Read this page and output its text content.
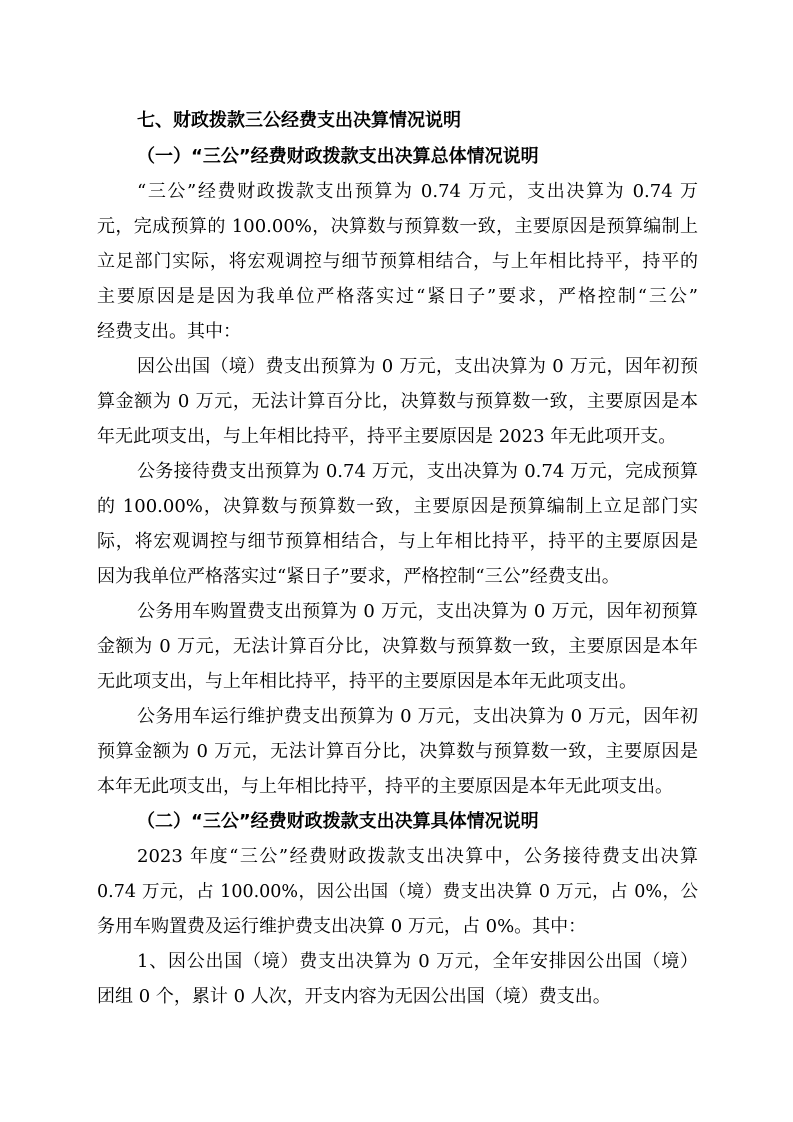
七、财政拨款三公经费支出决算情况说明

（一）“三公”经费财政拨款支出决算总体情况说明

“三公”经费财政拨款支出预算为 0.74 万元，支出决算为 0.74 万

元，完成预算的 100.00%，决算数与预算数一致，主要原因是预算编制上

立足部门实际，将宏观调控与细节预算相结合，与上年相比持平，持平的

主要原因是是因为我单位严格落实过“紧日子”要求，严格控制“三公”

经费支出。其中：

因公出国（境）费支出预算为 0 万元，支出决算为 0 万元，因年初预

算金额为 0 万元，无法计算百分比，决算数与预算数一致，主要原因是本

年无此项支出，与上年相比持平，持平主要原因是 2023 年无此项开支。

公务接待费支出预算为 0.74 万元，支出决算为 0.74 万元，完成预算

的 100.00%，决算数与预算数一致，主要原因是预算编制上立足部门实

际，将宏观调控与细节预算相结合，与上年相比持平，持平的主要原因是

因为我单位严格落实过“紧日子”要求，严格控制“三公”经费支出。

公务用车购置费支出预算为 0 万元，支出决算为 0 万元，因年初预算

金额为 0 万元，无法计算百分比，决算数与预算数一致，主要原因是本年

无此项支出，与上年相比持平，持平的主要原因是本年无此项支出。

公务用车运行维护费支出预算为 0 万元，支出决算为 0 万元，因年初

预算金额为 0 万元，无法计算百分比，决算数与预算数一致，主要原因是

本年无此项支出，与上年相比持平，持平的主要原因是本年无此项支出。

（二）“三公”经费财政拨款支出决算具体情况说明

2023 年度“三公”经费财政拨款支出决算中，公务接待费支出决算

0.74 万元，占 100.00%，因公出国（境）费支出决算 0 万元，占 0%，公

务用车购置费及运行维护费支出决算 0 万元，占 0%。其中：

1、因公出国（境）费支出决算为 0 万元，全年安排因公出国（境）

团组 0 个，累计 0 人次，开支内容为无因公出国（境）费支出。
